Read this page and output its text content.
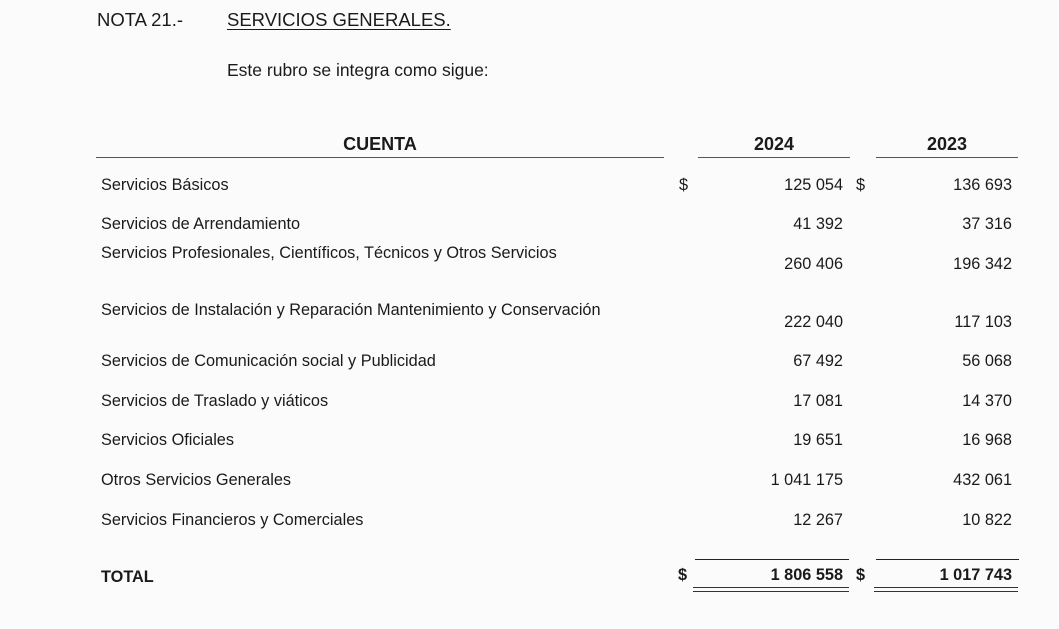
NOTA 21.- SERVICIOS GENERALES.
Este rubro se integra como sigue:
CUENTA	2024	2023
Servicios Básicos	$	125 054 $	136 693
Servicios de Arrendamiento	41 392	37 316
Servicios Profesionales, Científicos, Técnicos y Otros Servicios
260 406	196 342
Servicios de Instalación y Reparación Mantenimiento y Conservación
222 040	117 103
Servicios de Comunicación social y Publicidad	67 492	56 068
Servicios de Traslado y viáticos	17 081	14 370
Servicios Oficiales	19 651	16 968
Otros Servicios Generales	1 041 175	432 061
Servicios Financieros y Comerciales	12 267	10 822
TOTAL	$	1 806 558 $	1 017 743
